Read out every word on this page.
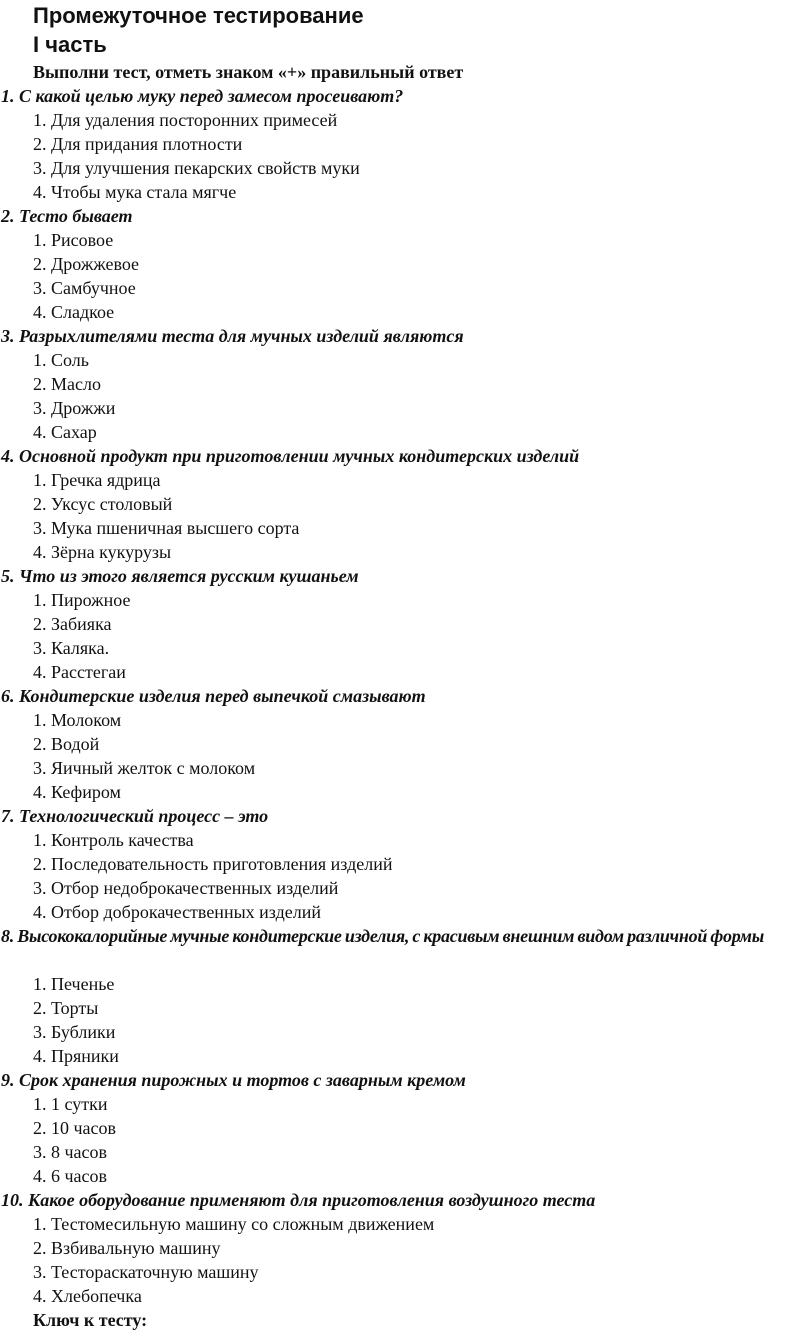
Промежуточное тестирование
I часть
Выполни тест, отметь знаком «+» правильный ответ
1. С какой целью муку перед замесом просеивают?
1. Для удаления посторонних примесей
2. Для придания плотности
3. Для улучшения пекарских свойств муки
4. Чтобы мука стала мягче
2. Тесто бывает
1. Рисовое
2. Дрожжевое
3. Самбучное
4. Сладкое
3. Разрыхлителями теста для мучных изделий являются
1. Соль
2. Масло
3. Дрожжи
4. Сахар
4. Основной продукт при приготовлении мучных кондитерских изделий
1. Гречка ядрица
2. Уксус столовый
3. Мука пшеничная высшего сорта
4. Зёрна кукурузы
5. Что из этого является русским кушаньем
1. Пирожное
2. Забияка
3. Каляка.
4. Расстегаи
6. Кондитерские изделия перед выпечкой смазывают
1. Молоком
2. Водой
3. Яичный желток с молоком
4. Кефиром
7. Технологический процесс – это
1. Контроль качества
2. Последовательность приготовления изделий
3. Отбор недоброкачественных изделий
4. Отбор доброкачественных изделий
8. Высококалорийные мучные кондитерские изделия, с красивым внешним видом различной формы
1. Печенье
2. Торты
3. Бублики
4. Пряники
9. Срок хранения пирожных и тортов с заварным кремом
1. 1 сутки
2. 10 часов
3. 8 часов
4. 6 часов
10. Какое оборудование применяют для приготовления воздушного теста
1. Тестомесильную машину со сложным движением
2. Взбивальную машину
3. Тестораскаточную машину
4. Хлебопечка
Ключ к тесту:
